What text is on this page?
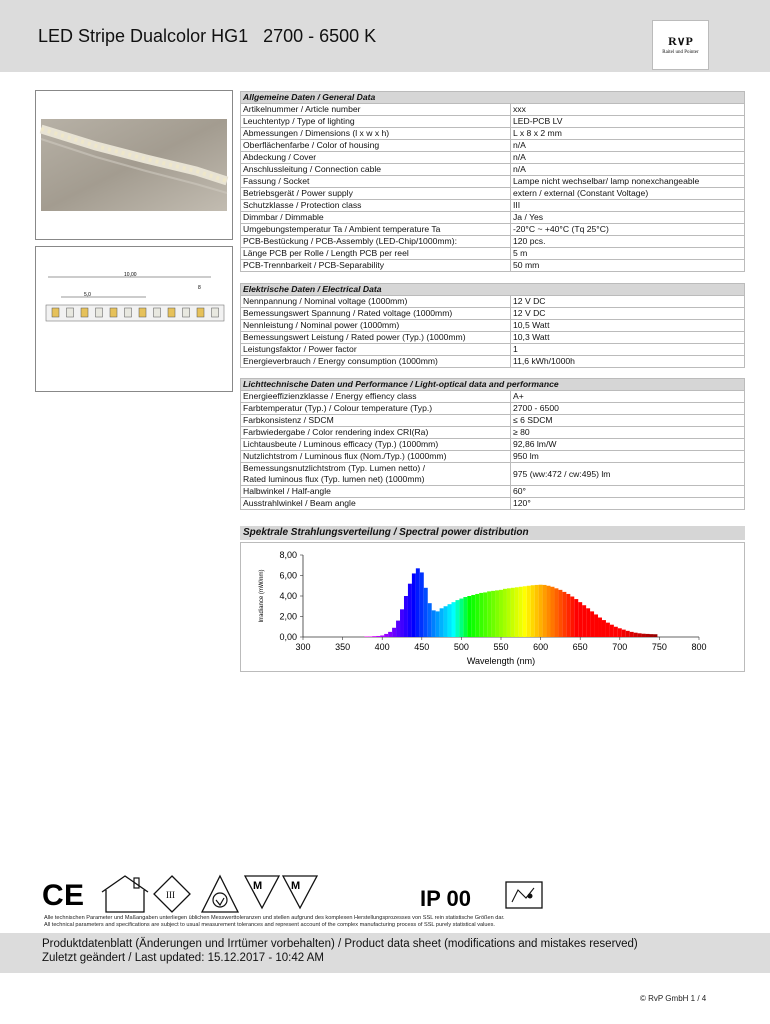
LED Stripe Dualcolor HG1   2700 - 6500 K	R∨P
Raitel und Pointer
10,00
5,0
8
Allgemeine Daten / General Data	
Artikelnummer / Article number	xxx
Leuchtentyp / Type of lighting	LED-PCB LV
Abmessungen / Dimensions (l x w x h)	L x 8 x 2 mm
Oberflächenfarbe / Color of housing	n/A
Abdeckung / Cover	n/A
Anschlussleitung / Connection cable	n/A
Fassung / Socket	Lampe nicht wechselbar/ lamp nonexchangeable
Betriebsgerät / Power supply	extern / external (Constant Voltage)
Schutzklasse / Protection class	III
Dimmbar / Dimmable	Ja / Yes
Umgebungstemperatur Ta / Ambient temperature Ta	-20°C ~ +40°C (Tq 25°C)
PCB-Bestückung / PCB-Assembly (LED-Chip/1000mm):	120 pcs.
Länge PCB per Rolle / Length PCB per reel	5 m
PCB-Trennbarkeit / PCB-Separability	50 mm
Elektrische Daten / Electrical Data	
Nennpannung / Nominal voltage (1000mm)	12 V DC
Bemessungswert Spannung / Rated voltage (1000mm)	12 V DC
Nennleistung / Nominal power (1000mm)	10,5 Watt
Bemessungswert Leistung / Rated power (Typ.) (1000mm)	10,3 Watt
Leistungsfaktor / Power factor	1
Energieverbrauch / Energy consumption (1000mm)	11,6 kWh/1000h
Lichttechnische Daten und Performance / Light-optical data and performance	
Energieeffizienzklasse / Energy effiency class	A+
Farbtemperatur (Typ.) / Colour temperature (Typ.)	2700 - 6500
Farbkonsistenz / SDCM	≤ 6 SDCM
Farbwiedergabe / Color rendering index CRI(Ra)	≥ 80
Lichtausbeute / Luminous efficacy (Typ.) (1000mm)	92,86 lm/W
Nutzlichtstrom / Luminous flux (Nom./Typ.) (1000mm)	950 lm

Bemessungsnutzlichtstrom (Typ. Lumen netto) /
Rated luminous flux (Typ. lumen net) (1000mm)	975 (ww:472 / cw:495) lm
Halbwinkel / Half-angle	60°
Ausstrahlwinkel / Beam angle	120°
Spektrale Strahlungsverteilung / Spectral power distribution
0,00
2,00
4,00
6,00
8,00
300	350	400	450	500	550	600	650	700	750	800
Wavelength (nm)
Irradiance (mW/nm)
C E	III
M	M	IP 00
Alle technischen Parameter und Maßangaben unterliegen üblichen Messwerttoleranzen und stellen aufgrund des komplexen Herstellungsprozesses von SSL rein statistische Größen dar.
All technical parameters and specifications are subject to usual measurement tolerances and represent account of the complex manufacturing process of SSL purely statistical values.
Produktdatenblatt (Änderungen und Irrtümer vorbehalten) / Product data sheet (modifications and mistakes reserved)
Zuletzt geändert / Last updated: 15.12.2017 - 10:42 AM
© RvP GmbH 1 / 4
